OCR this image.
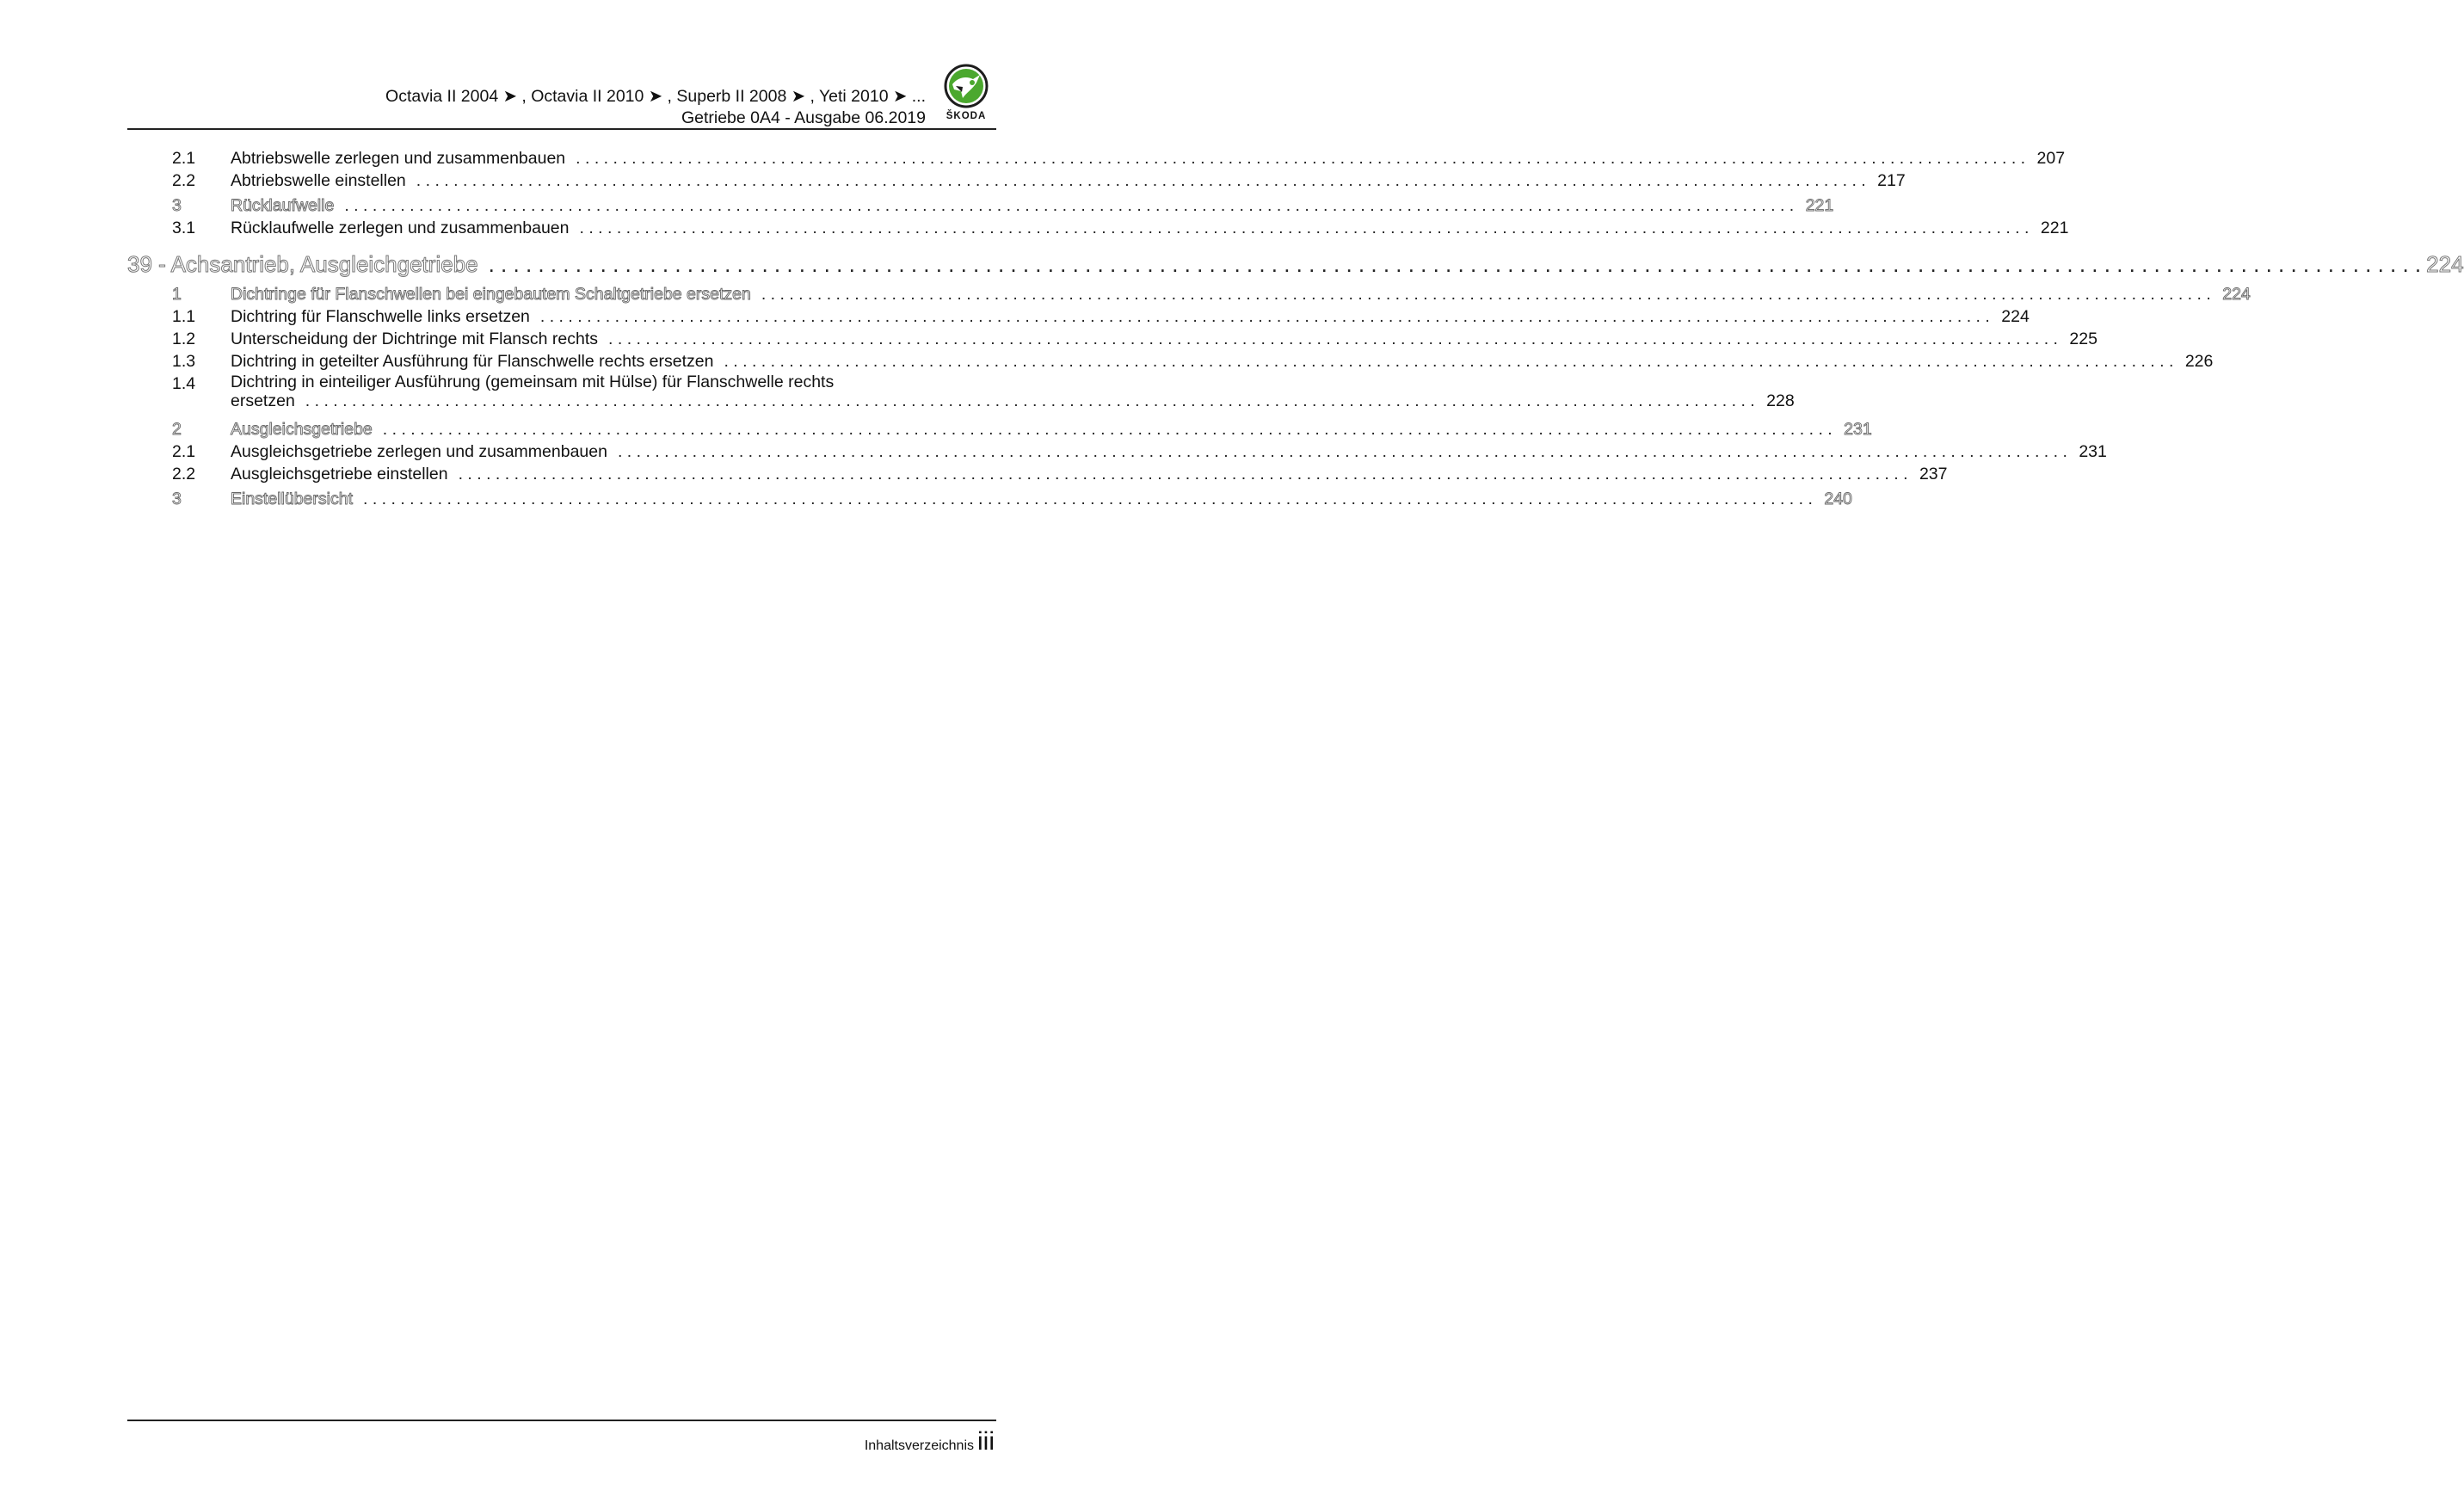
Octavia II 2004 ➤ , Octavia II 2010 ➤ , Superb II 2008 ➤ , Yeti 2010 ➤ ...
Getriebe 0A4 - Ausgabe 06.2019	ŠKODA
2.1 Abtriebswelle zerlegen und zusammenbauen . . .	207
2.2 Abtriebswelle einstellen . . .	217
3	Rücklaufwelle . . .	221
3.1 Rücklaufwelle zerlegen und zusammenbauen . . .	221
39 - Achsantrieb, Ausgleichgetriebe . . .	224
1	Dichtringe für Flanschwellen bei eingebautem Schaltgetriebe ersetzen . . .	224
1.1 Dichtring für Flanschwelle links ersetzen . . .	224
1.2 Unterscheidung der Dichtringe mit Flansch rechts . . .	225
1.3 Dichtring in geteilter Ausführung für Flanschwelle rechts ersetzen . . .	226
1.4 Dichtring in einteiliger Ausführung (gemeinsam mit Hülse) für Flanschwelle rechts
ersetzen . . .	228
2	Ausgleichsgetriebe . . .	231
2.1 Ausgleichsgetriebe zerlegen und zusammenbauen . . .	231
2.2 Ausgleichsgetriebe einstellen . . .	237
3	Einstellübersicht . . .	240
Inhaltsverzeichnis iii
